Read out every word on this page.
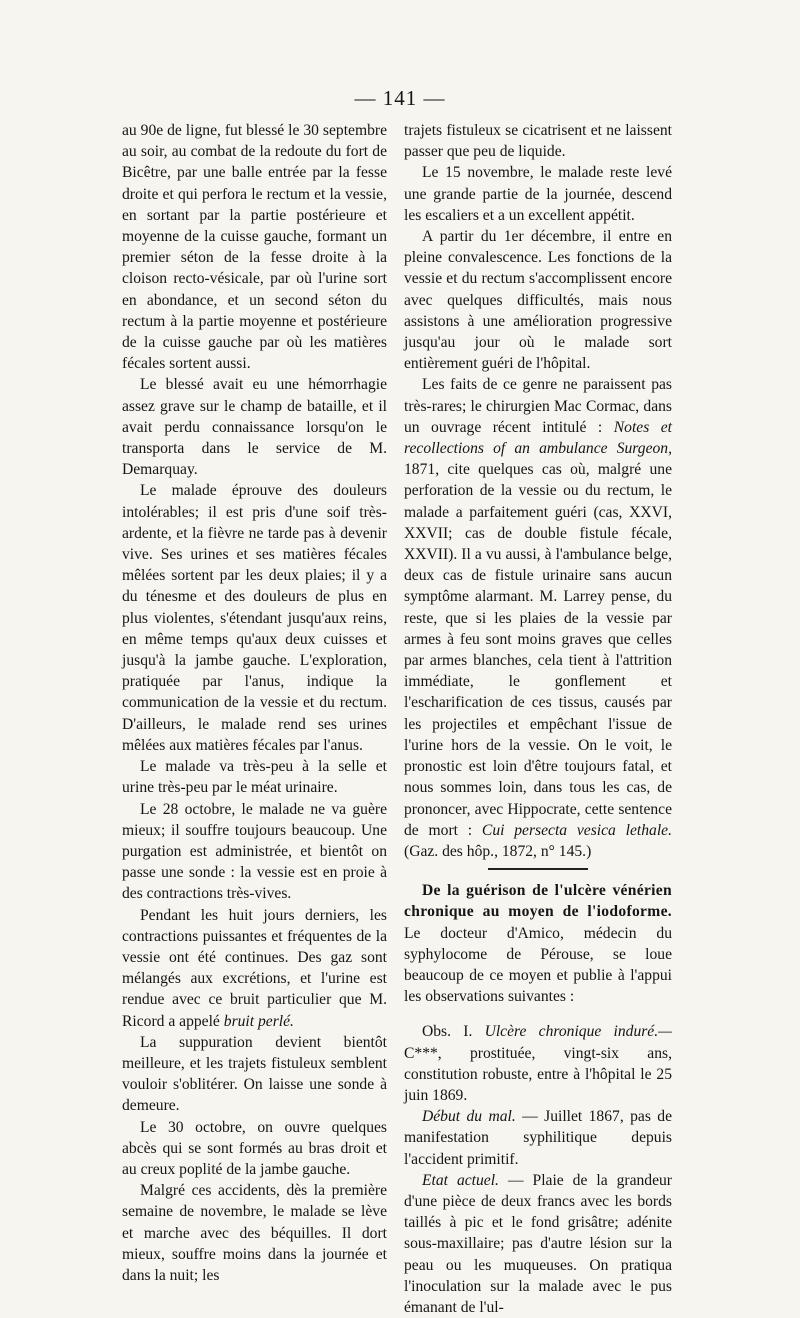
— 141 —

au 90e de ligne, fut blessé le 30 septembre au soir, au combat de la redoute du fort de Bicêtre, par une balle entrée par la fesse droite et qui perfora le rectum et la vessie, en sortant par la partie postérieure et moyenne de la cuisse gauche, formant un premier séton de la fesse droite à la cloison recto-vésicale, par où l'urine sort en abondance, et un second séton du rectum à la partie moyenne et postérieure de la cuisse gauche par où les matières fécales sortent aussi.

Le blessé avait eu une hémorrhagie assez grave sur le champ de bataille, et il avait perdu connaissance lorsqu'on le transporta dans le service de M. Demarquay.

Le malade éprouve des douleurs intolérables; il est pris d'une soif très-ardente, et la fièvre ne tarde pas à devenir vive. Ses urines et ses matières fécales mêlées sortent par les deux plaies; il y a du ténesme et des douleurs de plus en plus violentes, s'étendant jusqu'aux reins, en même temps qu'aux deux cuisses et jusqu'à la jambe gauche. L'exploration, pratiquée par l'anus, indique la communication de la vessie et du rectum. D'ailleurs, le malade rend ses urines mêlées aux matières fécales par l'anus.

Le malade va très-peu à la selle et urine très-peu par le méat urinaire.

Le 28 octobre, le malade ne va guère mieux; il souffre toujours beaucoup. Une purgation est administrée, et bientôt on passe une sonde : la vessie est en proie à des contractions très-vives.

Pendant les huit jours derniers, les contractions puissantes et fréquentes de la vessie ont été continues. Des gaz sont mélangés aux excrétions, et l'urine est rendue avec ce bruit particulier que M. Ricord a appelé bruit perlé.

La suppuration devient bientôt meilleure, et les trajets fistuleux semblent vouloir s'oblitérer. On laisse une sonde à demeure.

Le 30 octobre, on ouvre quelques abcès qui se sont formés au bras droit et au creux poplité de la jambe gauche.

Malgré ces accidents, dès la première semaine de novembre, le malade se lève et marche avec des béquilles. Il dort mieux, souffre moins dans la journée et dans la nuit; les

trajets fistuleux se cicatrisent et ne laissent passer que peu de liquide.

Le 15 novembre, le malade reste levé une grande partie de la journée, descend les escaliers et a un excellent appétit.

A partir du 1er décembre, il entre en pleine convalescence. Les fonctions de la vessie et du rectum s'accomplissent encore avec quelques difficultés, mais nous assistons à une amélioration progressive jusqu'au jour où le malade sort entièrement guéri de l'hôpital.

Les faits de ce genre ne paraissent pas très-rares; le chirurgien Mac Cormac, dans un ouvrage récent intitulé : Notes et recollections of an ambulance Surgeon, 1871, cite quelques cas où, malgré une perforation de la vessie ou du rectum, le malade a parfaitement guéri (cas, XXVI, XXVII; cas de double fistule fécale, XXVII). Il a vu aussi, à l'ambulance belge, deux cas de fistule urinaire sans aucun symptôme alarmant. M. Larrey pense, du reste, que si les plaies de la vessie par armes à feu sont moins graves que celles par armes blanches, cela tient à l'attrition immédiate, le gonflement et l'escharification de ces tissus, causés par les projectiles et empêchant l'issue de l'urine hors de la vessie. On le voit, le pronostic est loin d'être toujours fatal, et nous sommes loin, dans tous les cas, de prononcer, avec Hippocrate, cette sentence de mort : Cui persecta vesica lethale. (Gaz. des hôp., 1872, n° 145.)

De la guérison de l'ulcère vénérien chronique au moyen de l'iodoforme. Le docteur d'Amico, médecin du syphylocome de Pérouse, se loue beaucoup de ce moyen et publie à l'appui les observations suivantes :

Obs. I. Ulcère chronique induré.— C***, prostituée, vingt-six ans, constitution robuste, entre à l'hôpital le 25 juin 1869.

Début du mal. — Juillet 1867, pas de manifestation syphilitique depuis l'accident primitif.

Etat actuel. — Plaie de la grandeur d'une pièce de deux francs avec les bords taillés à pic et le fond grisâtre; adénite sous-maxillaire; pas d'autre lésion sur la peau ou les muqueuses. On pratiqua l'inoculation sur la malade avec le pus émanant de l'ul-
